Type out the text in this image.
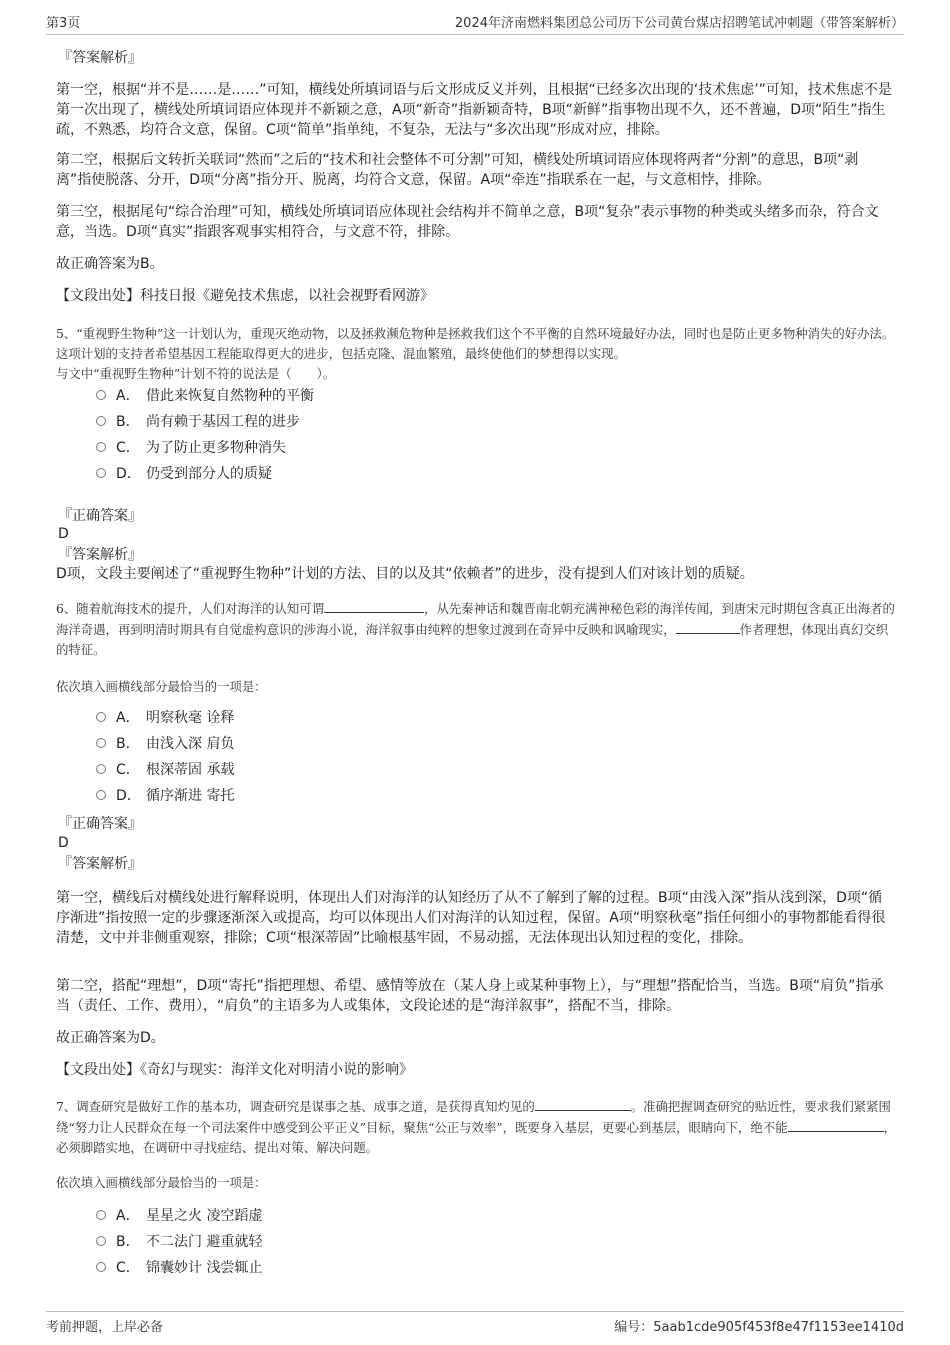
第3页	2024年济南燃料集团总公司历下公司黄台煤店招聘笔试冲刺题（带答案解析）
『答案解析』
第一空，根据“并不是……是……”可知，横线处所填词语与后文形成反义并列，且根据“已经多次出现的‘技术焦虑’”可知，技术焦虑不是第一次出现了，横线处所填词语应体现并不新颖之意，A项“新奇”指新颖奇特，B项“新鲜”指事物出现不久，还不普遍，D项“陌生”指生疏，不熟悉，均符合文意，保留。C项“简单”指单纯，不复杂，无法与“多次出现”形成对应，排除。
第二空，根据后文转折关联词“然而”之后的“技术和社会整体不可分割”可知，横线处所填词语应体现将两者“分割”的意思，B项“剥离”指使脱落、分开，D项“分离”指分开、脱离，均符合文意，保留。A项“牵连”指联系在一起，与文意相悖，排除。
第三空，根据尾句“综合治理”可知，横线处所填词语应体现社会结构并不简单之意，B项“复杂”表示事物的种类或头绪多而杂，符合文意，当选。D项“真实”指跟客观事实相符合，与文意不符，排除。
故正确答案为B。
【文段出处】科技日报《避免技术焦虑，以社会视野看网游》
5、“重视野生物种”这一计划认为，重现灭绝动物，以及拯救濒危物种是拯救我们这个不平衡的自然环境最好办法，同时也是防止更多物种消失的好办法。这项计划的支持者希望基因工程能取得更大的进步，包括克隆、混血繁殖，最终使他们的梦想得以实现。
与文中“重视野生物种”计划不符的说法是（　　）。
A． 借此来恢复自然物种的平衡
B． 尚有赖于基因工程的进步
C． 为了防止更多物种消失
D． 仍受到部分人的质疑
『正确答案』
D
『答案解析』
D项，文段主要阐述了“重视野生物种”计划的方法、目的以及其“依赖者”的进步，没有提到人们对该计划的质疑。
6、随着航海技术的提升，人们对海洋的认知可谓	，从先秦神话和魏晋南北朝充满神秘色彩的海洋传闻，到唐宋元时期包含真正出海者的海洋奇遇，再到明清时期具有自觉虚构意识的涉海小说，海洋叙事由纯粹的想象过渡到在奇异中反映和讽喻现实，	作者理想，体现出真幻交织的特征。
依次填入画横线部分最恰当的一项是：
A． 明察秋毫 诠释
B． 由浅入深 肩负
C． 根深蒂固 承载
D． 循序渐进 寄托
『正确答案』
D
『答案解析』
第一空，横线后对横线处进行解释说明，体现出人们对海洋的认知经历了从不了解到了解的过程。B项“由浅入深”指从浅到深，D项“循序渐进”指按照一定的步骤逐渐深入或提高，均可以体现出人们对海洋的认知过程，保留。A项“明察秋毫”指任何细小的事物都能看得很清楚，文中并非侧重观察，排除；C项“根深蒂固”比喻根基牢固，不易动摇，无法体现出认知过程的变化，排除。
第二空，搭配“理想”，D项“寄托”指把理想、希望、感情等放在（某人身上或某种事物上），与“理想”搭配恰当，当选。B项“肩负”指承当（责任、工作、费用），“肩负”的主语多为人或集体，文段论述的是“海洋叙事”，搭配不当，排除。
故正确答案为D。
【文段出处】《奇幻与现实：海洋文化对明清小说的影响》
7、调查研究是做好工作的基本功，调查研究是谋事之基、成事之道，是获得真知灼见的	。准确把握调查研究的贴近性，要求我们紧紧围绕“努力让人民群众在每一个司法案件中感受到公平正义”目标，聚焦“公正与效率”，既要身入基层，更要心到基层，眼睛向下，绝不能	，必须脚踏实地，在调研中寻找症结、提出对策、解决问题。
依次填入画横线部分最恰当的一项是：
A． 星星之火 凌空蹈虚
B． 不二法门 避重就轻
C． 锦囊妙计 浅尝辄止
考前押题，上岸必备	编号：5aab1cde905f453f8e47f1153ee1410d
